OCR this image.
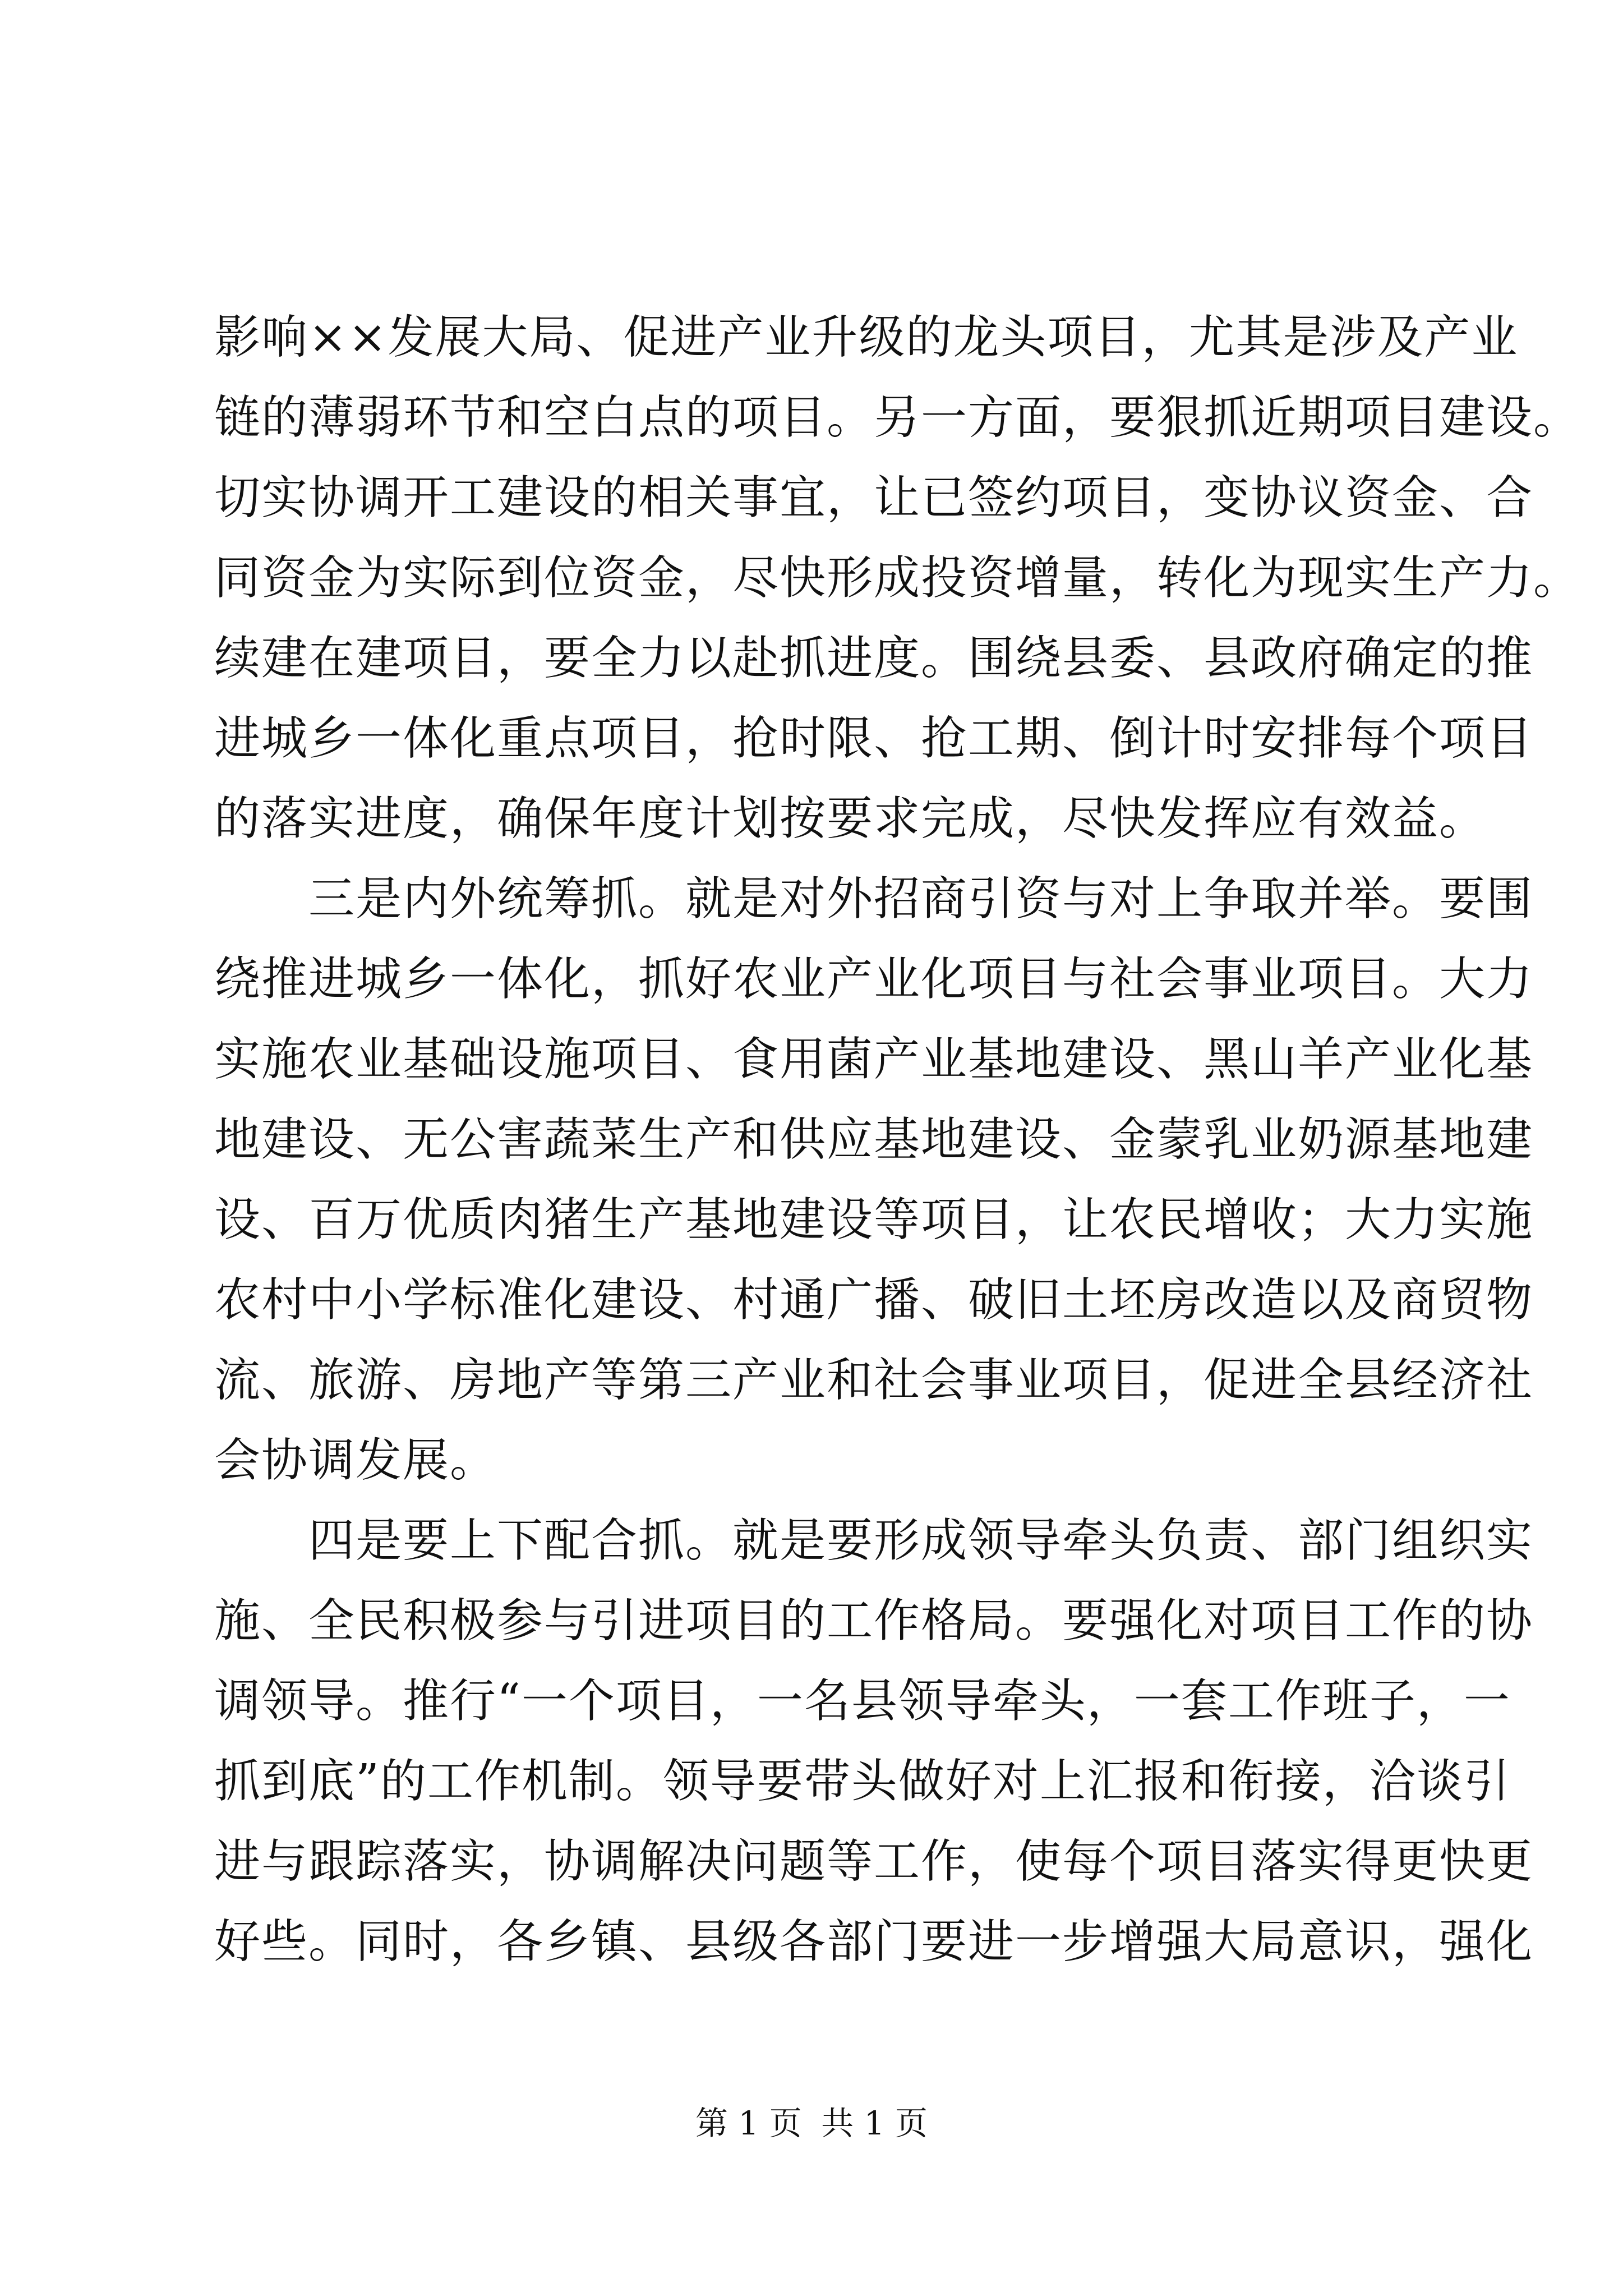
影响××发展大局、促进产业升级的龙头项目，尤其是涉及产业
链的薄弱环节和空白点的项目。另一方面，要狠抓近期项目建设。
切实协调开工建设的相关事宜，让已签约项目，变协议资金、合
同资金为实际到位资金，尽快形成投资增量，转化为现实生产力。
续建在建项目，要全力以赴抓进度。围绕县委、县政府确定的推
进城乡一体化重点项目，抢时限、抢工期、倒计时安排每个项目
的落实进度，确保年度计划按要求完成，尽快发挥应有效益。
三是内外统筹抓。就是对外招商引资与对上争取并举。要围
绕推进城乡一体化，抓好农业产业化项目与社会事业项目。大力
实施农业基础设施项目、食用菌产业基地建设、黑山羊产业化基
地建设、无公害蔬菜生产和供应基地建设、金蒙乳业奶源基地建
设、百万优质肉猪生产基地建设等项目，让农民增收；大力实施
农村中小学标准化建设、村通广播、破旧土坯房改造以及商贸物
流、旅游、房地产等第三产业和社会事业项目，促进全县经济社
会协调发展。
四是要上下配合抓。就是要形成领导牵头负责、部门组织实
施、全民积极参与引进项目的工作格局。要强化对项目工作的协
调领导。推行“一个项目，一名县领导牵头，一套工作班子，一
抓到底”的工作机制。领导要带头做好对上汇报和衔接，洽谈引
进与跟踪落实，协调解决问题等工作，使每个项目落实得更快更
好些。同时，各乡镇、县级各部门要进一步增强大局意识，强化
第 1 页 共 1 页
